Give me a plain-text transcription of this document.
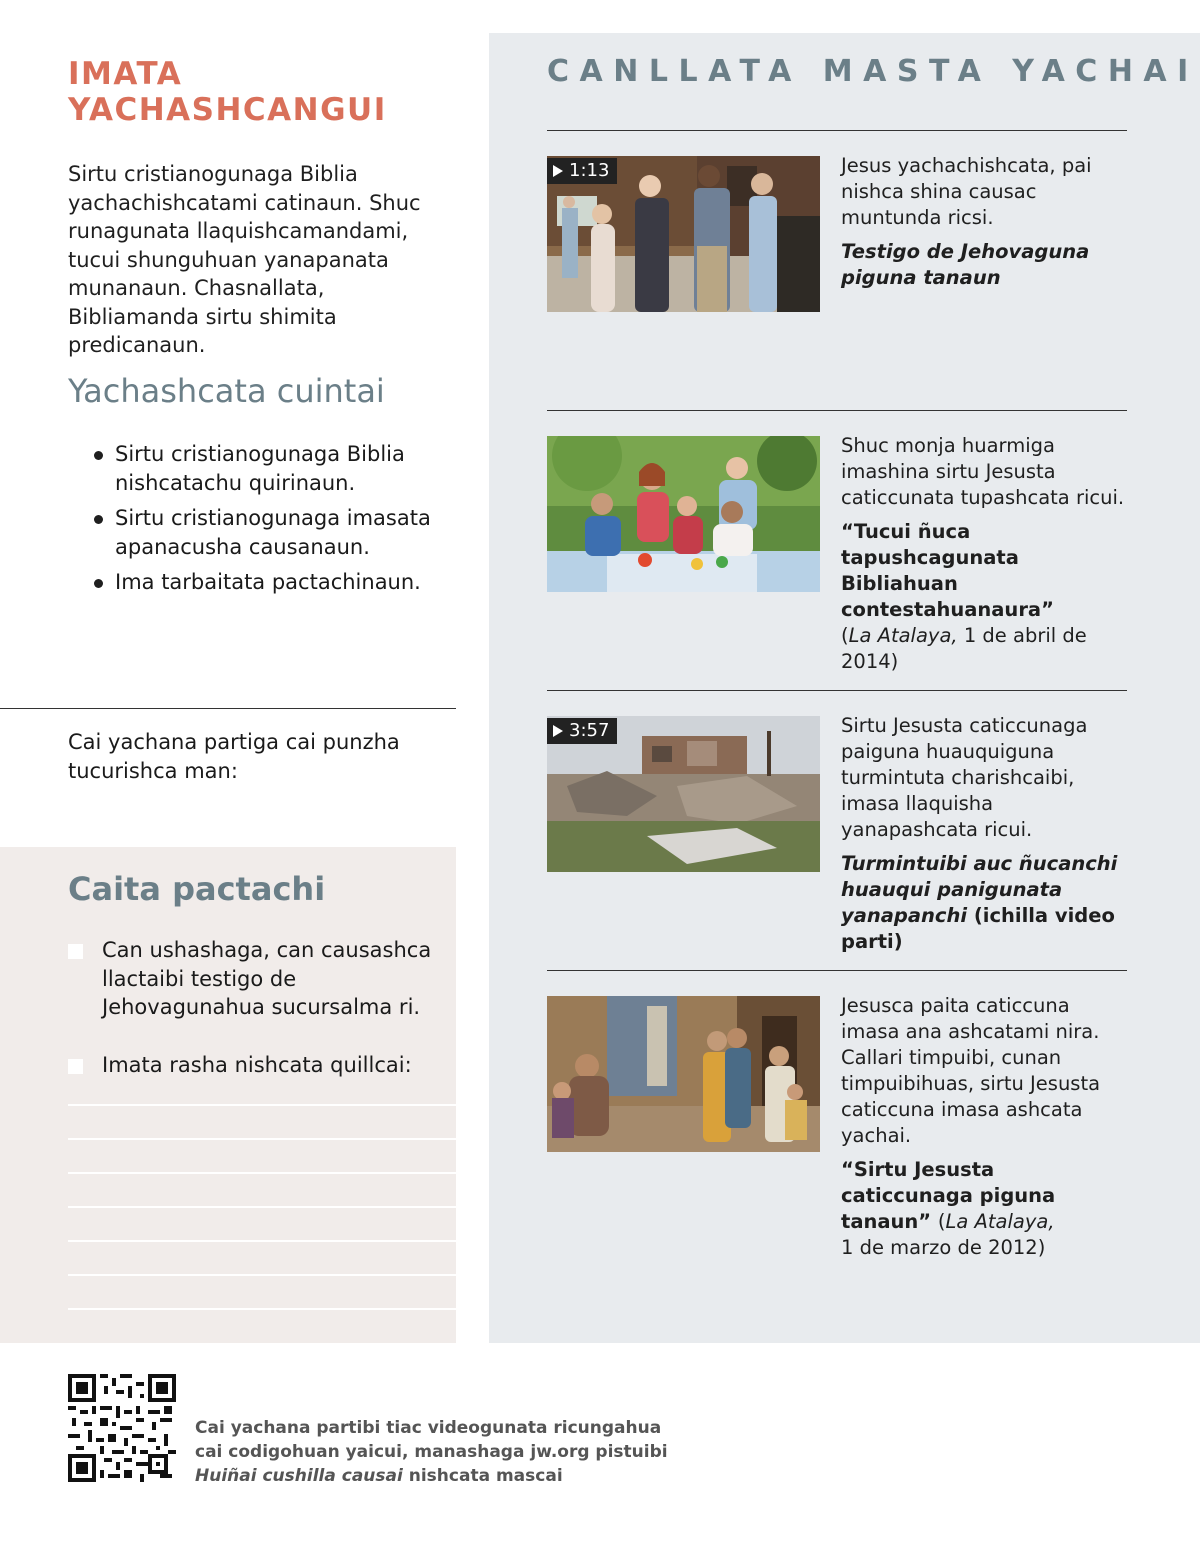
IMATA
YACHASHCANGUI

Sirtu cristianogunaga Biblia yachachishcatami catinaun. Shuc runagunata llaquishcamandami, tucui shunguhuan yanapanata munanaun. Chasnallata, Bibliamanda sirtu shimita predicanaun.

Yachashcata cuintai
Sirtu cristianogunaga Biblia nishcatachu quirinaun.
Sirtu cristianogunaga imasata apanacusha causanaun.
Ima tarbaitata pactachinaun.

Cai yachana partiga cai punzha tucurishca man:

Caita pactachi
Can ushashaga, can causashca llactaibi testigo de Jehovagunahua sucursalma ri.
Imata rasha nishcata quillcai:
CANLLATA MASTA YACHAI
1:13	Jesus yachachishcata, pai nishca shina causac muntunda ricsi.

Testigo de Jehovaguna piguna tanaun

Shuc monja huarmiga imashina sirtu Jesusta caticcunata tupashcata ricui.

“Tucui ñuca tapushcagunata Bibliahuan contestahuanaura”
(La Atalaya, 1 de abril de 2014)

3:57	Sirtu Jesusta caticcunaga paiguna huauquiguna turmintuta charishcaibi, imasa llaquisha yanapashcata ricui.

Turmintuibi auc ñucanchi huauqui panigunata yanapanchi (ichilla video parti)

Jesusca paita caticcuna imasa ana ashcatami nira. Callari timpuibi, cunan timpuibihuas, sirtu Jesusta caticcuna imasa ashcata yachai.

“Sirtu Jesusta caticcunaga piguna tanaun” (La Atalaya,
1 de marzo de 2012)

Cai yachana partibi tiac videogunata ricungahua
cai codigohuan yaicui, manashaga jw.org pistuibi
Huiñai cushilla causai nishcata mascai
